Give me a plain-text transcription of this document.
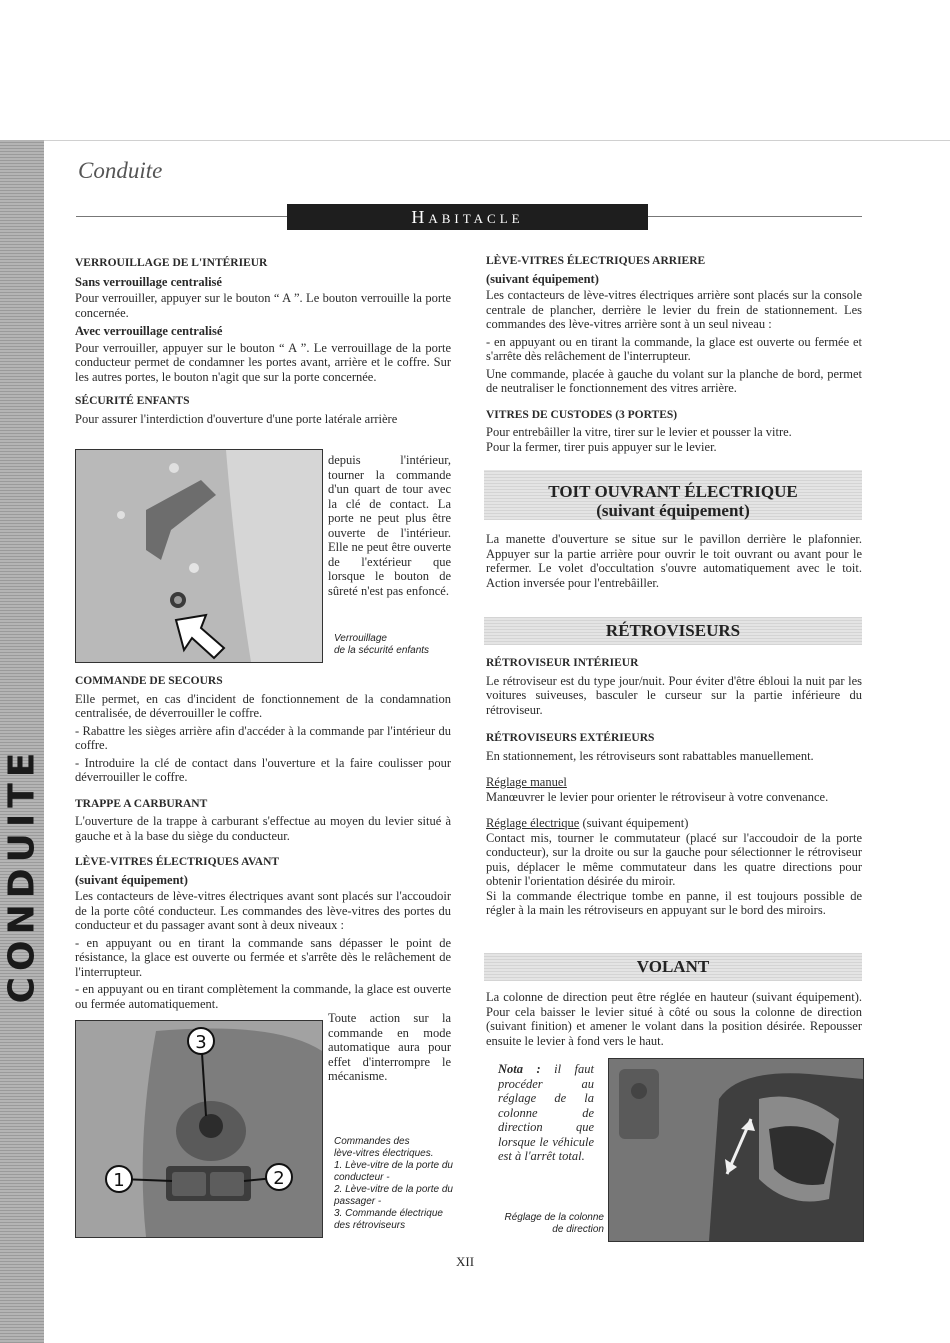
CONDUITE
Conduite
Habitacle
VERROUILLAGE DE L'INTÉRIEUR
Sans verrouillage centralisé

Pour verrouiller, appuyer sur le bouton “ A ”. Le bouton verrouille la porte concernée.

Avec verrouillage centralisé

Pour verrouiller, appuyer sur le bouton “ A ”. Le verrouillage de la porte conducteur permet de condamner les portes avant, arrière et le coffre. Sur les autres portes, le bouton n'agit que sur la porte concernée.

SÉCURITÉ ENFANTS

Pour assurer l'interdiction d'ouverture d'une porte latérale arrière

depuis l'intérieur, tourner la commande d'un quart de tour avec la clé de contact. La porte ne peut plus être ouverte de l'intérieur. Elle ne peut être ouverte de l'extérieur que lorsque le bouton de sûreté n'est pas enfoncé.
Verrouillage
de la sécurité enfants
COMMANDE DE SECOURS

Elle permet, en cas d'incident de fonctionnement de la condamnation centralisée, de déverrouiller le coffre.

- Rabattre les sièges arrière afin d'accéder à la commande par l'intérieur du coffre.

- Introduire la clé de contact dans l'ouverture et la faire coulisser pour déverrouiller le coffre.

TRAPPE A CARBURANT

L'ouverture de la trappe à carburant s'effectue au moyen du levier situé à gauche et à la base du siège du conducteur.

LÈVE-VITRES ÉLECTRIQUES AVANT
(suivant équipement)

Les contacteurs de lève-vitres électriques avant sont placés sur l'accoudoir de la porte côté conducteur. Les commandes des lève-vitres des portes du conducteur et du passager avant sont à deux niveaux :

- en appuyant ou en tirant la commande sans dépasser le point de résistance, la glace est ouverte ou fermée et s'arrête dès le relâchement de l'interrupteur.

- en appuyant ou en tirant complètement la commande, la glace est ouverte ou fermée automatiquement.

1	2
3
Toute action sur la commande en mode automatique aura pour effet d'interrompre le mécanisme.
Commandes des
lève-vitres électriques.
1. Lève-vitre de la porte du conducteur -
2. Lève-vitre de la porte du passager -
3. Commande électrique des rétroviseurs
LÈVE-VITRES ÉLECTRIQUES ARRIERE
(suivant équipement)

Les contacteurs de lève-vitres électriques arrière sont placés sur la console centrale de plancher, derrière le levier du frein de stationnement. Les commandes des lève-vitres arrière sont à un seul niveau :

- en appuyant ou en tirant la commande, la glace est ouverte ou fermée et s'arrête dès relâchement de l'interrupteur.

Une commande, placée à gauche du volant sur la planche de bord, permet de neutraliser le fonctionnement des vitres arrière.

VITRES DE CUSTODES (3 PORTES)

Pour entrebâiller la vitre, tirer sur le levier et pousser la vitre.

Pour la fermer, tirer puis appuyer sur le levier.

TOIT OUVRANT ÉLECTRIQUE
(suivant équipement)
La manette d'ouverture se situe sur le pavillon derrière le plafonnier. Appuyer sur la partie arrière pour ouvrir le toit ouvrant ou avant pour le refermer. Le volet d'occultation s'ouvre automatiquement avec le toit. Action inversée pour l'entrebâiller.
RÉTROVISEURS
RÉTROVISEUR INTÉRIEUR

Le rétroviseur est du type jour/nuit. Pour éviter d'être ébloui la nuit par les voitures suiveuses, basculer le curseur sur la partie inférieure du rétroviseur.

RÉTROVISEURS EXTÉRIEURS

En stationnement, les rétroviseurs sont rabattables manuellement.

Réglage manuel

Manœuvrer le levier pour orienter le rétroviseur à votre convenance.

Réglage électrique (suivant équipement)

Contact mis, tourner le commutateur (placé sur l'accoudoir de la porte conducteur), sur la droite ou sur la gauche pour sélectionner le rétroviseur puis, déplacer le même commutateur dans les quatre directions pour obtenir l'orientation désirée du miroir.

Si la commande électrique tombe en panne, il est toujours possible de régler à la main les rétroviseurs en appuyant sur le bord des miroirs.

VOLANT
La colonne de direction peut être réglée en hauteur (suivant équipement). Pour cela baisser le levier situé à côté ou sous la colonne de direction (suivant finition) et amener le volant dans la position désirée. Repousser ensuite le levier à fond vers le haut.
Nota : il faut procéder au réglage de la colonne de direction que lorsque le véhicule est à l'arrêt total.
Réglage de la colonne
de direction
XII
